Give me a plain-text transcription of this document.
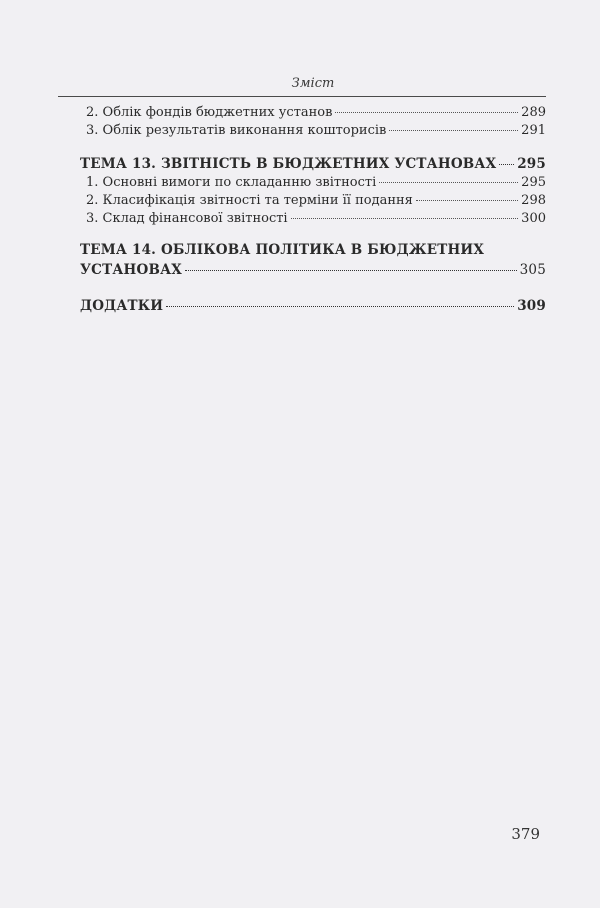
Зміст
2. Облік фондів бюджетних установ	289
3. Облік результатів виконання кошторисів	291
ТЕМА 13. ЗВІТНІСТЬ В БЮДЖЕТНИХ УСТАНОВАХ 295
1. Основні вимоги по складанню звітності	295
2. Класифікація звітності та терміни її подання	298
3. Склад фінансової звітності	300
ТЕМА 14. ОБЛІКОВА ПОЛІТИКА В БЮДЖЕТНИХ
УСТАНОВАХ	305
ДОДАТКИ	309
379
